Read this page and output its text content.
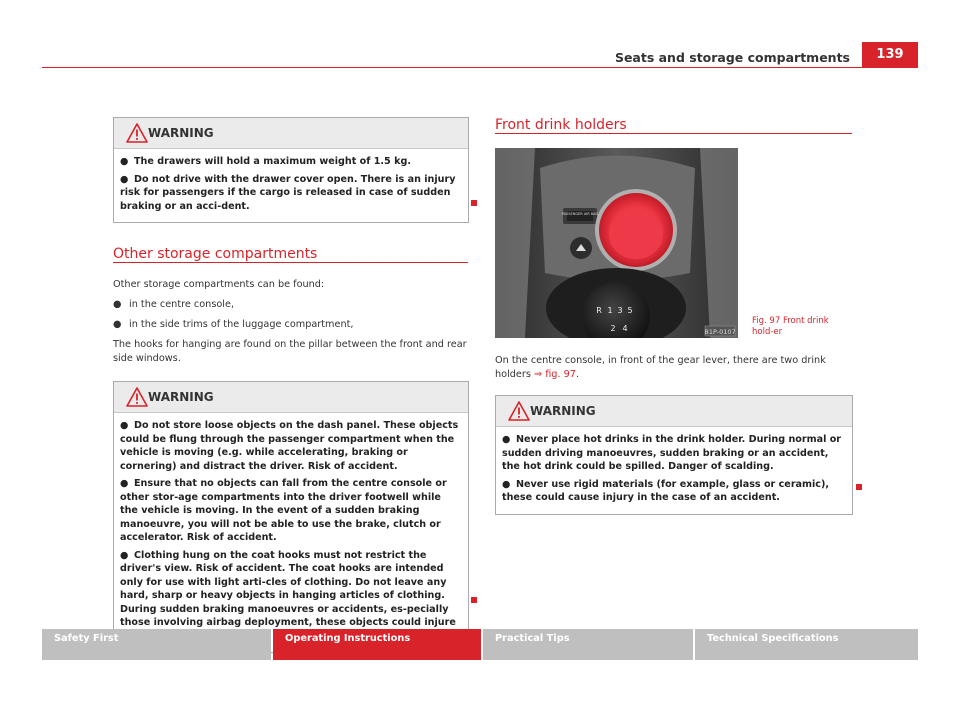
Seats and storage compartments	139
WARNING

● The drawers will hold a maximum weight of 1.5 kg.

● Do not drive with the drawer cover open. There is an injury risk for passengers if the cargo is released in case of sudden braking or an acci-dent.

Other storage compartments

Other storage compartments can be found:

● in the centre console,

● in the side trims of the luggage compartment,

The hooks for hanging are found on the pillar between the front and rear side windows.

WARNING

● Do not store loose objects on the dash panel. These objects could be flung through the passenger compartment when the vehicle is moving (e.g. while accelerating, braking or cornering) and distract the driver. Risk of accident.

● Ensure that no objects can fall from the centre console or other stor-age compartments into the driver footwell while the vehicle is moving. In the event of a sudden braking manoeuvre, you will not be able to use the brake, clutch or accelerator. Risk of accident.

● Clothing hung on the coat hooks must not restrict the driver's view. Risk of accident. The coat hooks are intended only for use with light arti-cles of clothing. Do not leave any hard, sharp or heavy objects in hanging articles of clothing. During sudden braking manoeuvres or accidents, es-pecially those involving airbag deployment, these objects could injure

Front drink holders
PASSENGER AIR BAG
R 1 3 5
2 4	B1P-0107
Fig. 97 Front drink hold-er
On the centre console, in front of the gear lever, there are two drink holders ⇒ fig. 97.
WARNING

● Never place hot drinks in the drink holder. During normal or sudden driving manoeuvres, sudden braking or an accident, the hot drink could be spilled. Danger of scalding.

● Never use rigid materials (for example, glass or ceramic), these could cause injury in the case of an accident.

Safety First	Operating Instructions	Practical Tips	Technical Specifications
